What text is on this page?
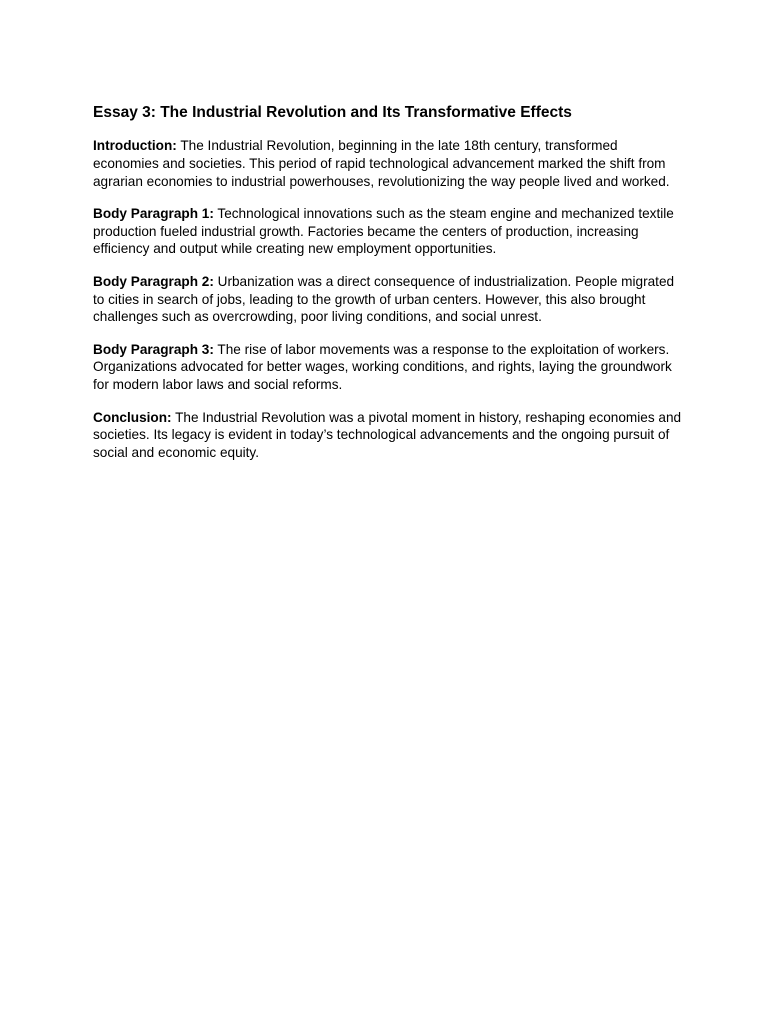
Essay 3: The Industrial Revolution and Its Transformative Effects

Introduction: The Industrial Revolution, beginning in the late 18th century, transformed economies and societies. This period of rapid technological advancement marked the shift from agrarian economies to industrial powerhouses, revolutionizing the way people lived and worked.

Body Paragraph 1: Technological innovations such as the steam engine and mechanized textile production fueled industrial growth. Factories became the centers of production, increasing efficiency and output while creating new employment opportunities.

Body Paragraph 2: Urbanization was a direct consequence of industrialization. People migrated to cities in search of jobs, leading to the growth of urban centers. However, this also brought challenges such as overcrowding, poor living conditions, and social unrest.

Body Paragraph 3: The rise of labor movements was a response to the exploitation of workers. Organizations advocated for better wages, working conditions, and rights, laying the groundwork for modern labor laws and social reforms.

Conclusion: The Industrial Revolution was a pivotal moment in history, reshaping economies and societies. Its legacy is evident in today’s technological advancements and the ongoing pursuit of social and economic equity.
